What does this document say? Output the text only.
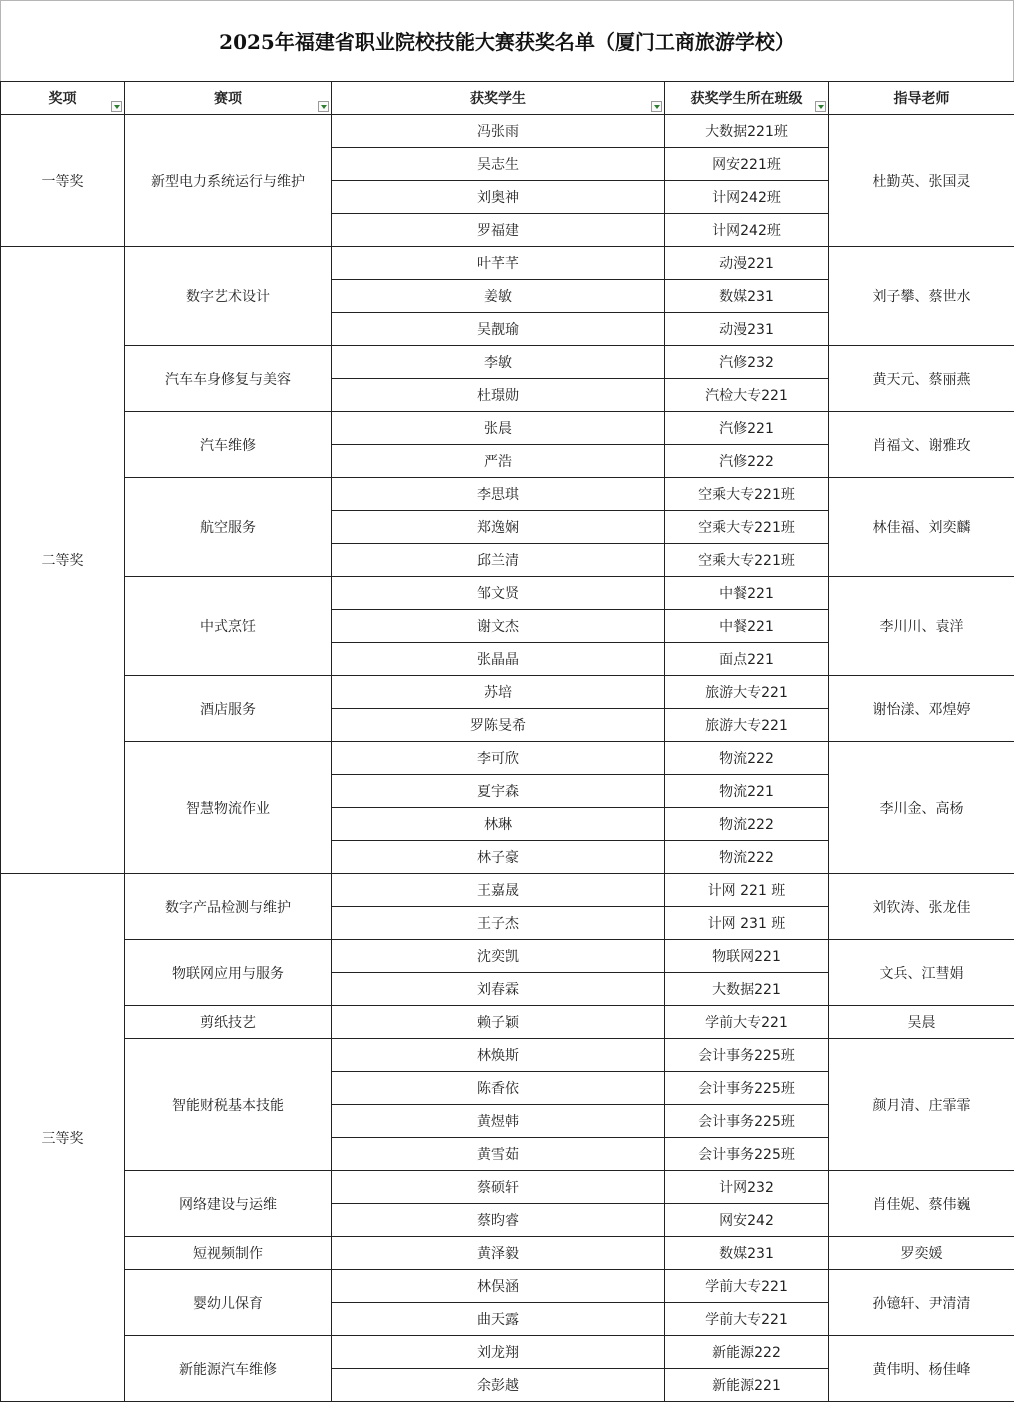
2025年福建省职业院校技能大赛获奖名单（厦门工商旅游学校）
奖项	赛项	获奖学生	获奖学生所在班级	指导老师
一等奖	新型电力系统运行与维护	冯张雨	大数据221班	杜勤英、张国灵
		吴志生	网安221班	
		刘奥神	计网242班	
		罗福建	计网242班	
二等奖	数字艺术设计	叶芊芊	动漫221	刘子攀、蔡世水
		姜敏	数媒231	
		吴靓瑜	动漫231	
	汽车车身修复与美容	李敏	汽修232	黄天元、蔡丽燕
		杜璟勋	汽检大专221	
	汽车维修	张晨	汽修221	肖福文、谢雅玫
		严浩	汽修222	
	航空服务	李思琪	空乘大专221班	林佳福、刘奕麟
		郑逸娴	空乘大专221班	
		邱兰清	空乘大专221班	
	中式烹饪	邹文贤	中餐221	李川川、袁洋
		谢文杰	中餐221	
		张晶晶	面点221	
	酒店服务	苏培	旅游大专221	谢怡漾、邓煌婷
		罗陈旻希	旅游大专221	
	智慧物流作业	李可欣	物流222	李川金、高杨
		夏宇森	物流221	
		林琳	物流222	
		林子豪	物流222	
三等奖	数字产品检测与维护	王嘉晟	计网 221 班	刘钦涛、张龙佳
		王子杰	计网 231 班	
	物联网应用与服务	沈奕凯	物联网221	文兵、江彗娟
		刘春霖	大数据221	
	剪纸技艺	赖子颖	学前大专221	吴晨
	智能财税基本技能	林焕斯	会计事务225班	颜月清、庄霏霏
		陈香依	会计事务225班	
		黄煜韩	会计事务225班	
		黄雪茹	会计事务225班	
	网络建设与运维	蔡硕轩	计网232	肖佳妮、蔡伟巍
		蔡昀睿	网安242	
	短视频制作	黄泽毅	数媒231	罗奕媛
	婴幼儿保育	林俣涵	学前大专221	孙镱轩、尹清清
		曲天露	学前大专221	
	新能源汽车维修	刘龙翔	新能源222	黄伟明、杨佳峰
		余彭越	新能源221	
